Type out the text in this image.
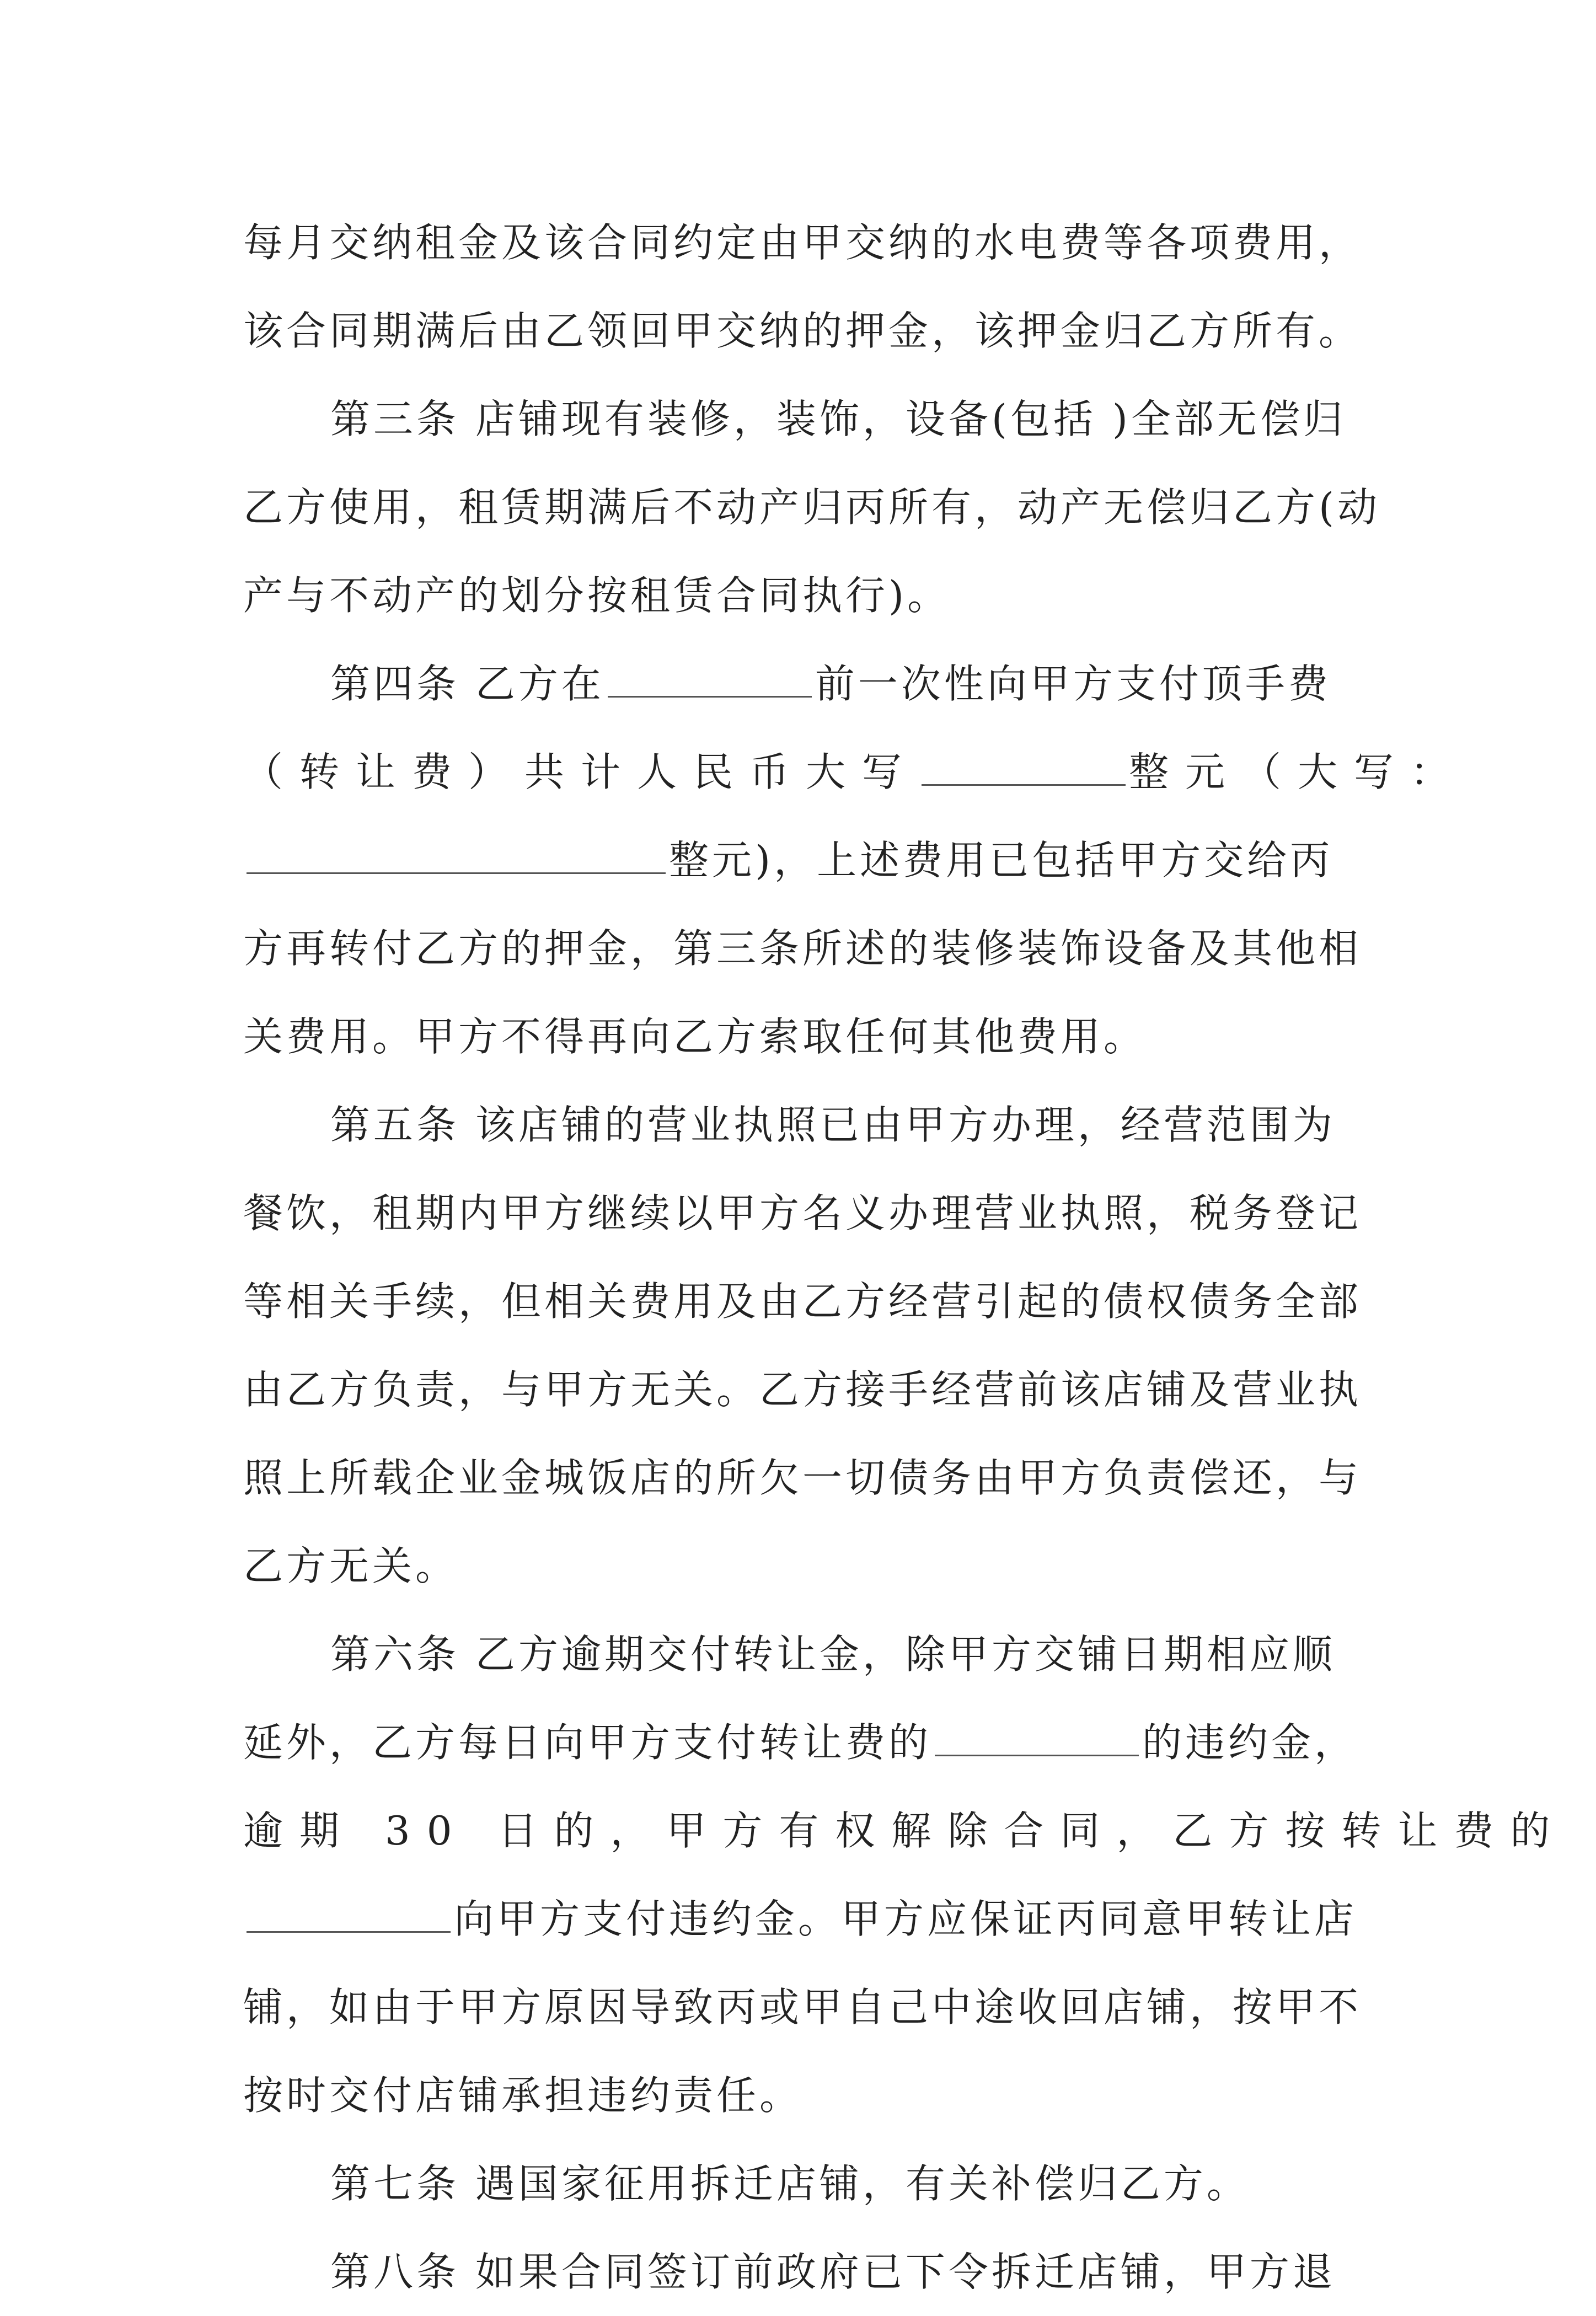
每月交纳租金及该合同约定由甲交纳的水电费等各项费用，
该合同期满后由乙领回甲交纳的押金，该押金归乙方所有。
第三条 店铺现有装修，装饰，设备(包括 )全部无偿归
乙方使用，租赁期满后不动产归丙所有，动产无偿归乙方(动
产与不动产的划分按租赁合同执行)。
第四条 乙方在	前一次性向甲方支付顶手费
（转让费）共计人民币大写	整元（大写：
整元)，上述费用已包括甲方交给丙
方再转付乙方的押金，第三条所述的装修装饰设备及其他相
关费用。甲方不得再向乙方索取任何其他费用。
第五条 该店铺的营业执照已由甲方办理，经营范围为
餐饮，租期内甲方继续以甲方名义办理营业执照，税务登记
等相关手续，但相关费用及由乙方经营引起的债权债务全部
由乙方负责，与甲方无关。乙方接手经营前该店铺及营业执
照上所载企业金城饭店的所欠一切债务由甲方负责偿还，与
乙方无关。
第六条 乙方逾期交付转让金，除甲方交铺日期相应顺
延外，乙方每日向甲方支付转让费的	的违约金，
逾期 30 日的，甲方有权解除合同，乙方按转让费的
向甲方支付违约金。甲方应保证丙同意甲转让店
铺，如由于甲方原因导致丙或甲自己中途收回店铺，按甲不
按时交付店铺承担违约责任。
第七条 遇国家征用拆迁店铺，有关补偿归乙方。
第八条 如果合同签订前政府已下令拆迁店铺，甲方退
